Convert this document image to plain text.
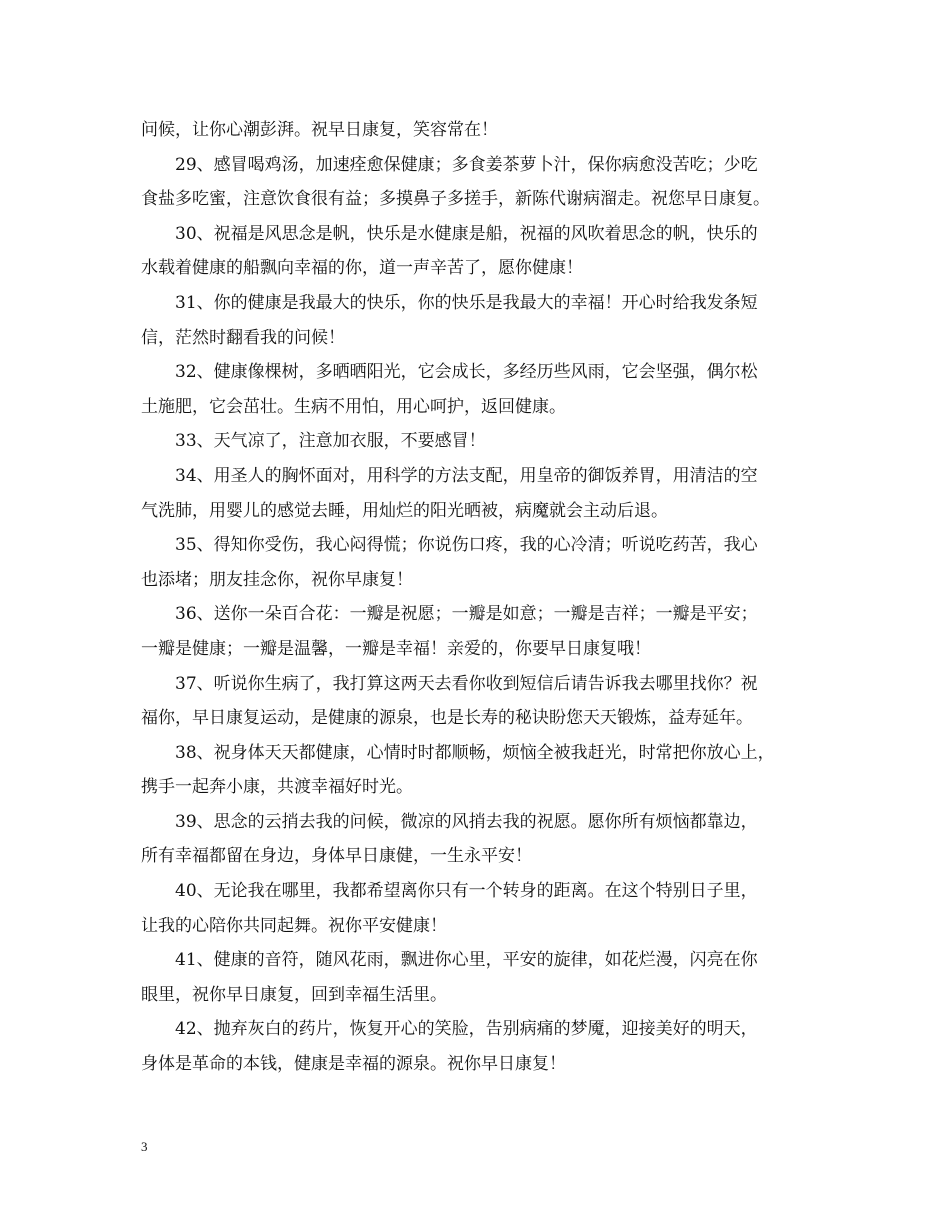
问候，让你心潮彭湃。祝早日康复，笑容常在！
29、感冒喝鸡汤，加速痊愈保健康；多食姜茶萝卜汁，保你病愈没苦吃；少吃
食盐多吃蜜，注意饮食很有益；多摸鼻子多搓手，新陈代谢病溜走。祝您早日康复。
30、祝福是风思念是帆，快乐是水健康是船，祝福的风吹着思念的帆，快乐的
水载着健康的船飘向幸福的你，道一声辛苦了，愿你健康！
31、你的健康是我最大的快乐，你的快乐是我最大的幸福！开心时给我发条短
信，茫然时翻看我的问候！
32、健康像棵树，多晒晒阳光，它会成长，多经历些风雨，它会坚强，偶尔松
土施肥，它会茁壮。生病不用怕，用心呵护，返回健康。
33、天气凉了，注意加衣服，不要感冒！
34、用圣人的胸怀面对，用科学的方法支配，用皇帝的御饭养胃，用清洁的空
气洗肺，用婴儿的感觉去睡，用灿烂的阳光晒被，病魔就会主动后退。
35、得知你受伤，我心闷得慌；你说伤口疼，我的心冷清；听说吃药苦，我心
也添堵；朋友挂念你，祝你早康复！
36、送你一朵百合花：一瓣是祝愿；一瓣是如意；一瓣是吉祥；一瓣是平安；
一瓣是健康；一瓣是温馨，一瓣是幸福！亲爱的，你要早日康复哦！
37、听说你生病了，我打算这两天去看你收到短信后请告诉我去哪里找你？祝
福你，早日康复运动，是健康的源泉，也是长寿的秘诀盼您天天锻炼，益寿延年。
38、祝身体天天都健康，心情时时都顺畅，烦恼全被我赶光，时常把你放心上，
携手一起奔小康，共渡幸福好时光。
39、思念的云捎去我的问候，微凉的风捎去我的祝愿。愿你所有烦恼都靠边，
所有幸福都留在身边，身体早日康健，一生永平安！
40、无论我在哪里，我都希望离你只有一个转身的距离。在这个特别日子里，
让我的心陪你共同起舞。祝你平安健康！
41、健康的音符，随风花雨，飘进你心里，平安的旋律，如花烂漫，闪亮在你
眼里，祝你早日康复，回到幸福生活里。
42、抛弃灰白的药片，恢复开心的笑脸，告别病痛的梦魇，迎接美好的明天，
身体是革命的本钱，健康是幸福的源泉。祝你早日康复！
3
